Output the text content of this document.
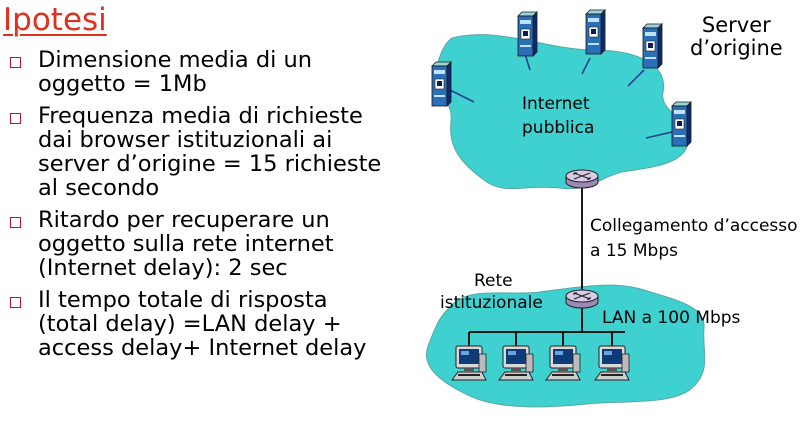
Ipotesi
Dimensione media di un
oggetto = 1Mb
Frequenza media di richieste
dai browser istituzionali ai
server d’origine = 15 richieste
al secondo
Ritardo per recuperare un
oggetto sulla rete internet
(Internet delay): 2 sec
Il tempo totale di risposta
(total delay) =LAN delay +
access delay+ Internet delay
Server
d’origine
Internet
pubblica
Collegamento d’accesso
a 15 Mbps
Rete
istituzionale
LAN a 100 Mbps
